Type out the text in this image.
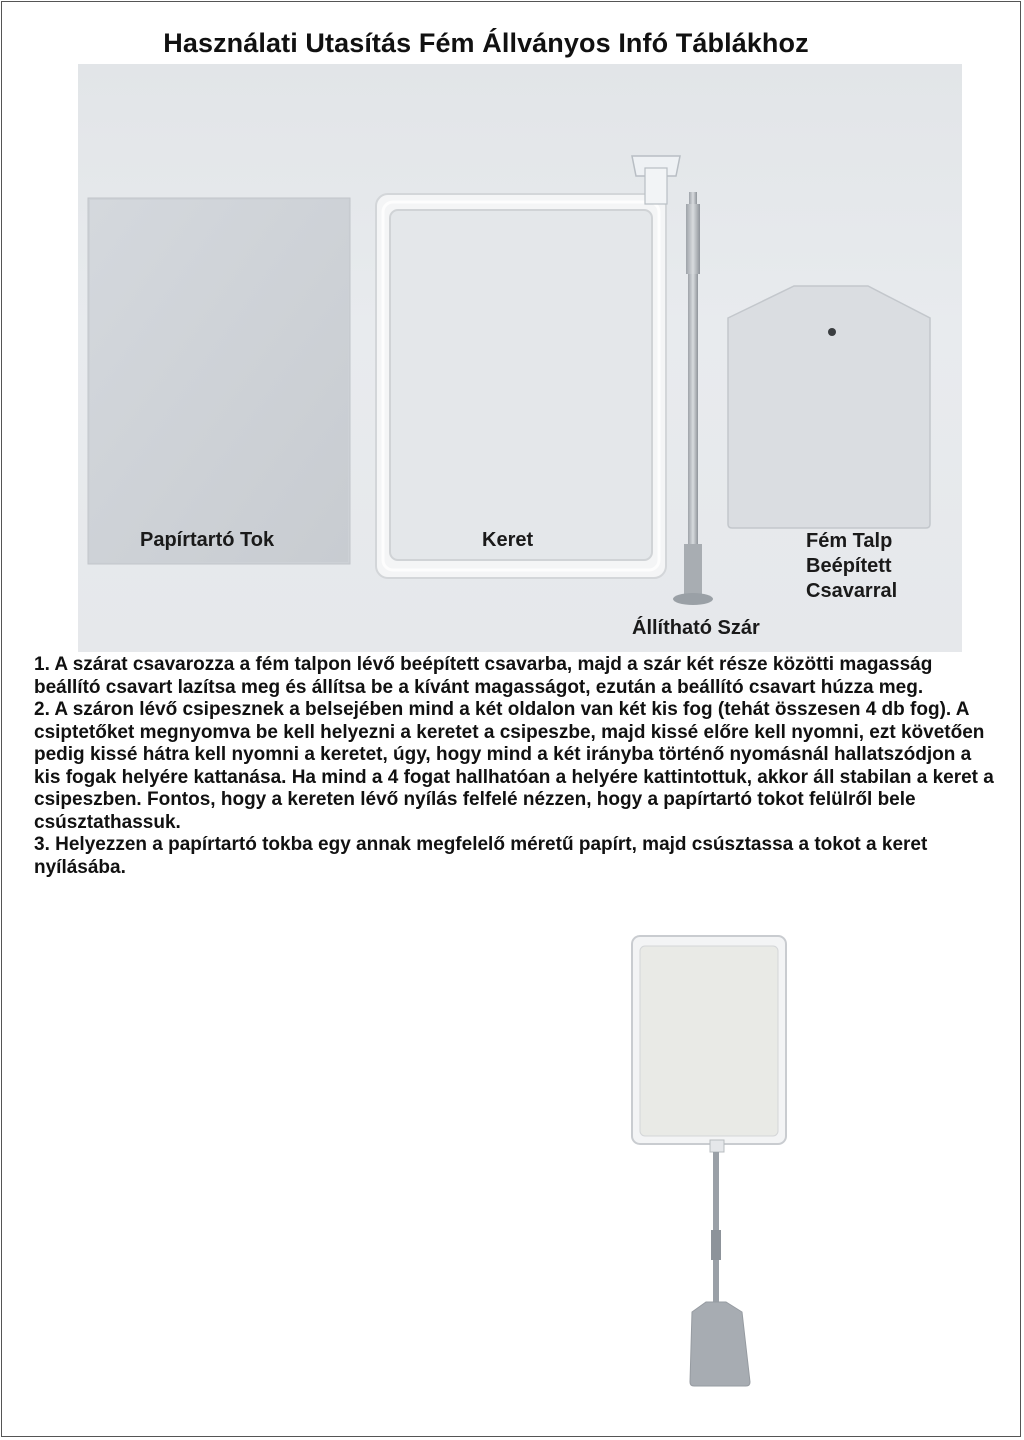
Használati Utasítás Fém Állványos Infó Táblákhoz
Papírtartó Tok	Keret	Fém Talp
Beépített
Csavarral
Állítható Szár

1. A szárat csavarozza a fém talpon lévő beépített csavarba, majd a szár két része közötti magasság beállító csavart lazítsa meg és állítsa be a kívánt magasságot, ezután a beállító csavart húzza meg.

2. A száron lévő csipesznek a belsejében mind a két oldalon van két kis fog (tehát összesen 4 db fog). A csiptetőket megnyomva be kell helyezni a keretet a csipeszbe, majd kissé előre kell nyomni, ezt követően pedig kissé hátra kell nyomni a keretet, úgy, hogy mind a két irányba történő nyomásnál hallatszódjon a kis fogak helyére kattanása. Ha mind a 4 fogat hallhatóan a helyére kattintottuk, akkor áll stabilan a keret a csipeszben. Fontos, hogy a kereten lévő nyílás felfelé nézzen, hogy a papírtartó tokot felülről bele csúsztathassuk.

3. Helyezzen a papírtartó tokba egy annak megfelelő méretű papírt, majd csúsztassa a tokot a keret nyílásába.
